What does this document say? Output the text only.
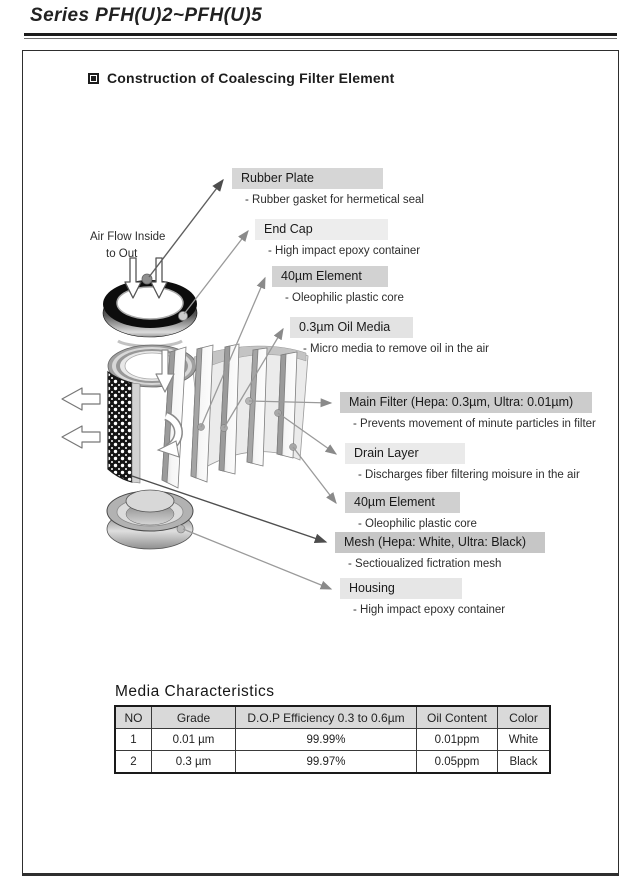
Series PFH(U)2~PFH(U)5
Construction of Coalescing Filter Element
Air Flow Inside
to Out
Rubber Plate
- Rubber gasket for hermetical seal
End Cap
- High impact epoxy container
40µm Element
- Oleophilic plastic core
0.3µm Oil Media
- Micro media to remove oil in the air
Main Filter (Hepa: 0.3µm, Ultra: 0.01µm)
- Prevents movement of minute particles in filter
Drain Layer
- Discharges fiber filtering moisure in the air
40µm Element
- Oleophilic plastic core
Mesh (Hepa: White, Ultra: Black)
- Sectioualized fictration mesh
Housing
- High impact epoxy container
Media Characteristics
NO	Grade	D.O.P Efficiency 0.3 to 0.6µm	Oil Content	Color
1	0.01 µm	99.99%	0.01ppm	White
2	0.3 µm	99.97%	0.05ppm	Black
